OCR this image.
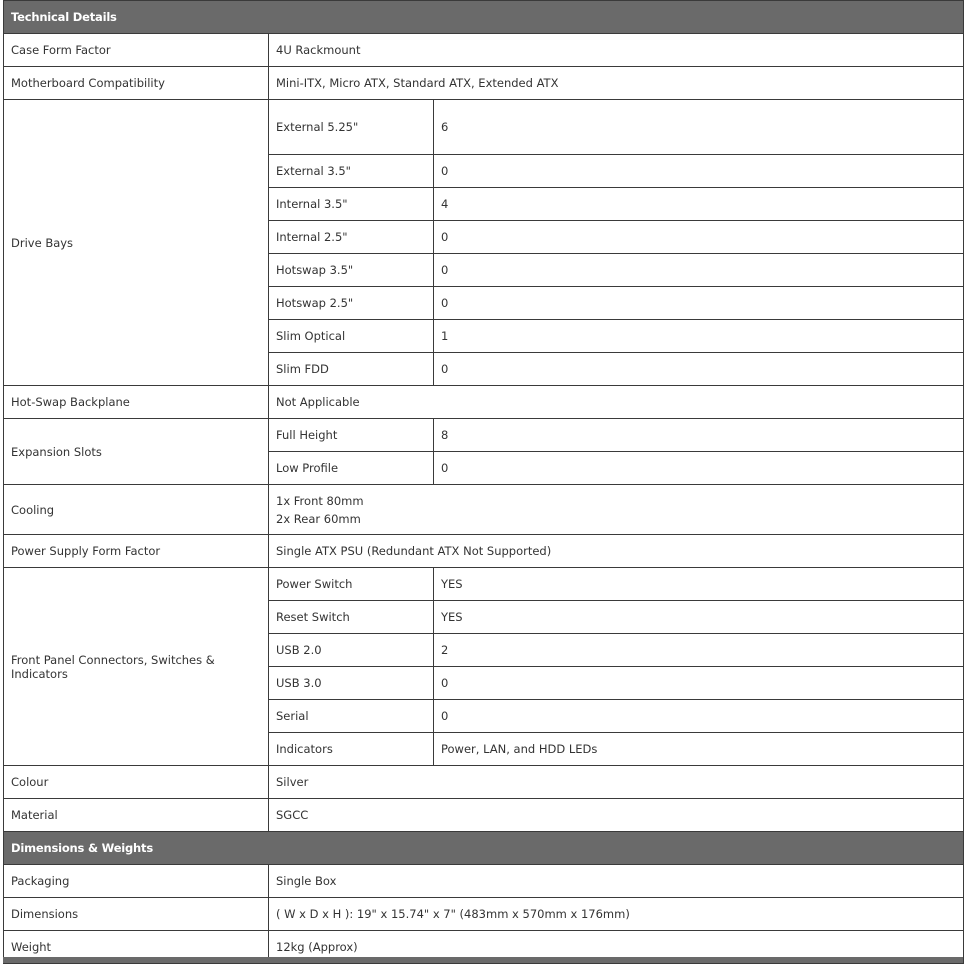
Technical Details		
Case Form Factor	4U Rackmount	
Motherboard Compatibility	Mini-ITX, Micro ATX, Standard ATX, Extended ATX	
Drive Bays	External 5.25"	6
	External 3.5"	0
	Internal 3.5"	4
	Internal 2.5"	0
	Hotswap 3.5"	0
	Hotswap 2.5"	0
	Slim Optical	1
	Slim FDD	0
Hot-Swap Backplane	Not Applicable	
Expansion Slots	Full Height	8
	Low Profile	0
Cooling	1x Front 80mm
2x Rear 60mm	

Power Supply Form Factor	Single ATX PSU (Redundant ATX Not Supported)	
Front Panel Connectors, Switches & Indicators	Power Switch	YES
	Reset Switch	YES
	USB 2.0	2
	USB 3.0	0
	Serial	0
	Indicators	Power, LAN, and HDD LEDs
Colour	Silver	
Material	SGCC	
Dimensions & Weights		
Packaging	Single Box	
Dimensions	( W x D x H ): 19" x 15.74" x 7" (483mm x 570mm x 176mm)	
Weight	12kg (Approx)	
